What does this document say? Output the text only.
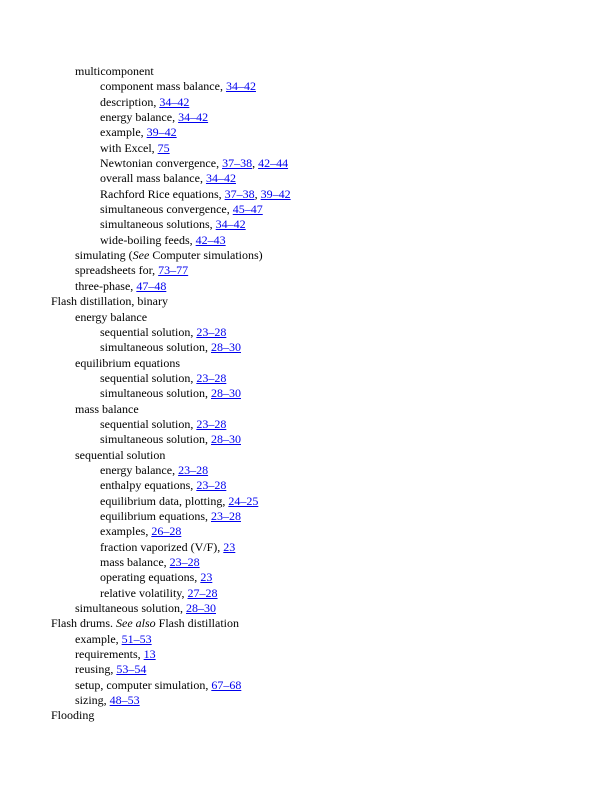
multicomponent
component mass balance, 34–42
description, 34–42
energy balance, 34–42
example, 39–42
with Excel, 75
Newtonian convergence, 37–38, 42–44
overall mass balance, 34–42
Rachford Rice equations, 37–38, 39–42
simultaneous convergence, 45–47
simultaneous solutions, 34–42
wide-boiling feeds, 42–43
simulating (See Computer simulations)
spreadsheets for, 73–77
three-phase, 47–48
Flash distillation, binary
energy balance
sequential solution, 23–28
simultaneous solution, 28–30
equilibrium equations
sequential solution, 23–28
simultaneous solution, 28–30
mass balance
sequential solution, 23–28
simultaneous solution, 28–30
sequential solution
energy balance, 23–28
enthalpy equations, 23–28
equilibrium data, plotting, 24–25
equilibrium equations, 23–28
examples, 26–28
fraction vaporized (V/F), 23
mass balance, 23–28
operating equations, 23
relative volatility, 27–28
simultaneous solution, 28–30
Flash drums. See also Flash distillation
example, 51–53
requirements, 13
reusing, 53–54
setup, computer simulation, 67–68
sizing, 48–53
Flooding
